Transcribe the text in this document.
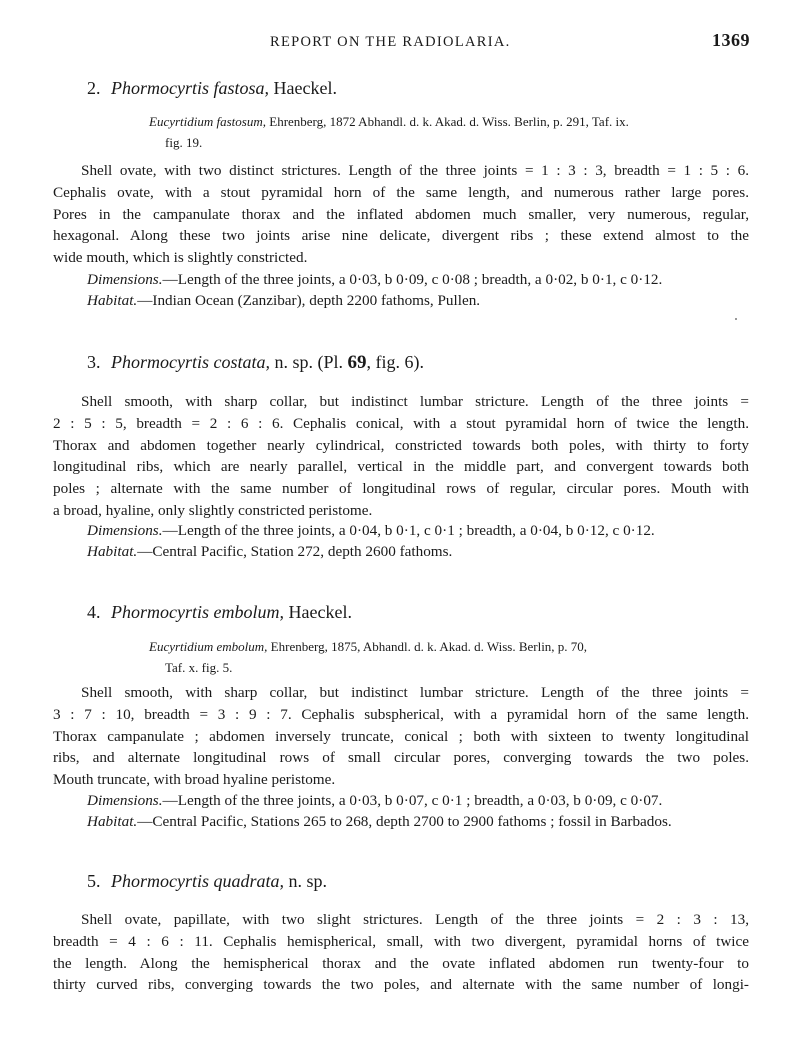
REPORT ON THE RADIOLARIA.	1369
2. Phormocyrtis fastosa, Haeckel.
Eucyrtidium fastosum, Ehrenberg, 1872 Abhandl. d. k. Akad. d. Wiss. Berlin, p. 291, Taf. ix.
fig. 19.
Shell ovate, with two distinct strictures. Length of the three joints = 1 : 3 : 3, breadth = 1 : 5 : 6.
Cephalis ovate, with a stout pyramidal horn of the same length, and numerous rather large pores.
Pores in the campanulate thorax and the inflated abdomen much smaller, very numerous, regular,
hexagonal. Along these two joints arise nine delicate, divergent ribs ; these extend almost to the
wide mouth, which is slightly constricted.
Dimensions.—Length of the three joints, a 0·03, b 0·09, c 0·08 ; breadth, a 0·02, b 0·1, c 0·12.
Habitat.—Indian Ocean (Zanzibar), depth 2200 fathoms, Pullen.
3. Phormocyrtis costata, n. sp. (Pl. 69, fig. 6).
Shell smooth, with sharp collar, but indistinct lumbar stricture. Length of the three joints =
2 : 5 : 5, breadth = 2 : 6 : 6. Cephalis conical, with a stout pyramidal horn of twice the length.
Thorax and abdomen together nearly cylindrical, constricted towards both poles, with thirty to forty
longitudinal ribs, which are nearly parallel, vertical in the middle part, and convergent towards both
poles ; alternate with the same number of longitudinal rows of regular, circular pores. Mouth with
a broad, hyaline, only slightly constricted peristome.
Dimensions.—Length of the three joints, a 0·04, b 0·1, c 0·1 ; breadth, a 0·04, b 0·12, c 0·12.
Habitat.—Central Pacific, Station 272, depth 2600 fathoms.
4. Phormocyrtis embolum, Haeckel.
Eucyrtidium embolum, Ehrenberg, 1875, Abhandl. d. k. Akad. d. Wiss. Berlin, p. 70,
Taf. x. fig. 5.
Shell smooth, with sharp collar, but indistinct lumbar stricture. Length of the three joints =
3 : 7 : 10, breadth = 3 : 9 : 7. Cephalis subspherical, with a pyramidal horn of the same length.
Thorax campanulate ; abdomen inversely truncate, conical ; both with sixteen to twenty longitudinal
ribs, and alternate longitudinal rows of small circular pores, converging towards the two poles.
Mouth truncate, with broad hyaline peristome.
Dimensions.—Length of the three joints, a 0·03, b 0·07, c 0·1 ; breadth, a 0·03, b 0·09, c 0·07.
Habitat.—Central Pacific, Stations 265 to 268, depth 2700 to 2900 fathoms ; fossil in Barbados.
5. Phormocyrtis quadrata, n. sp.
Shell ovate, papillate, with two slight strictures. Length of the three joints = 2 : 3 : 13,
breadth = 4 : 6 : 11. Cephalis hemispherical, small, with two divergent, pyramidal horns of twice
the length. Along the hemispherical thorax and the ovate inflated abdomen run twenty-four to
thirty curved ribs, converging towards the two poles, and alternate with the same number of longi-
